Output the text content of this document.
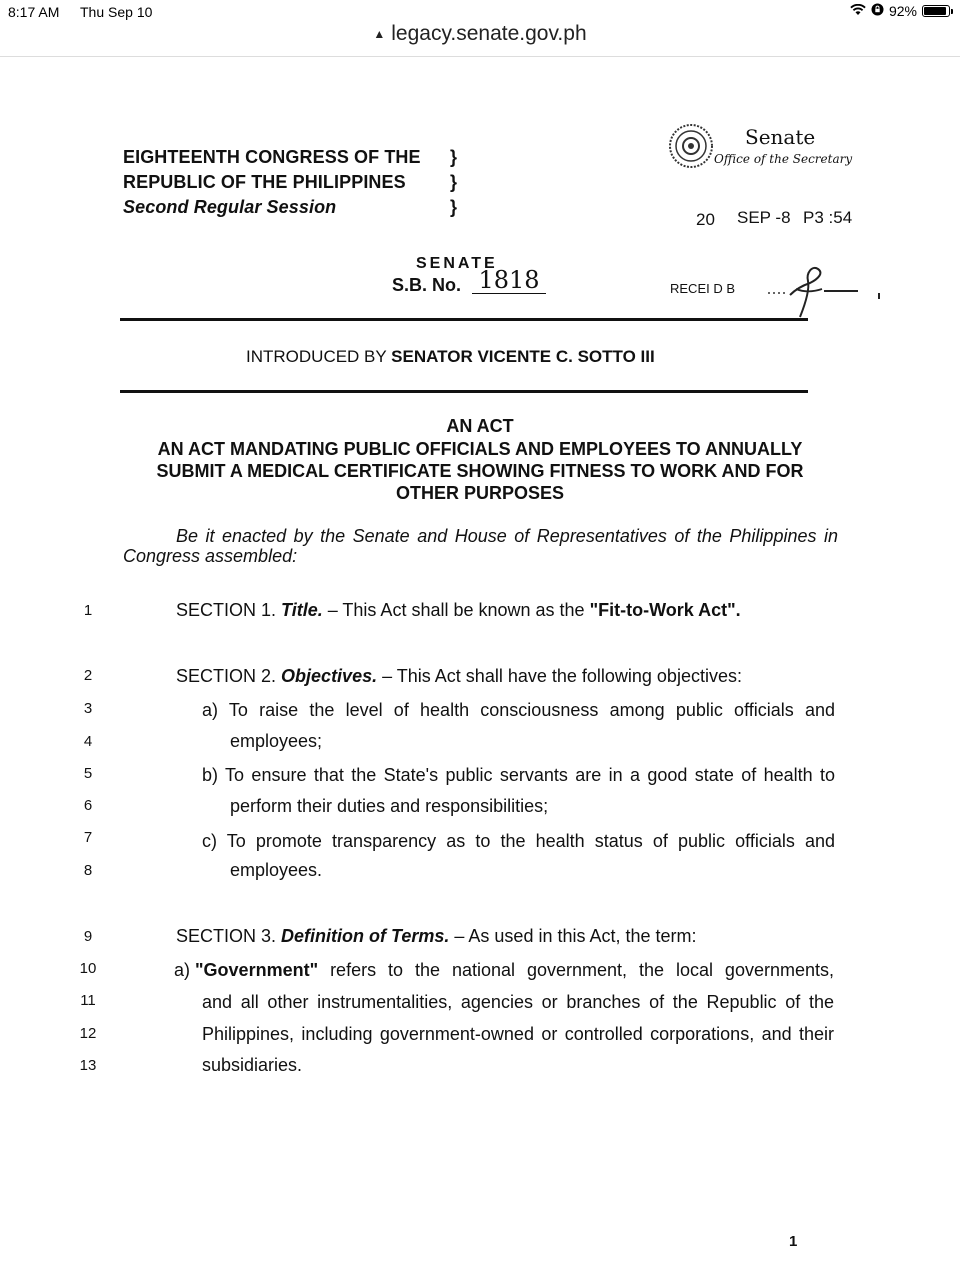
8:17 AM Thu Sep 10	92%
▲ legacy.senate.gov.ph
EIGHTEENTH CONGRESS OF THE
REPUBLIC OF THE PHILIPPINES
Second Regular Session
}
}
}
Senate
Office of the Secretary
20 SEP -8 P3 :54
RECEI D B
SENATE
S.B. No. 1818
INTRODUCED BY SENATOR VICENTE C. SOTTO III
AN ACT
AN ACT MANDATING PUBLIC OFFICIALS AND EMPLOYEES TO ANNUALLY
SUBMIT A MEDICAL CERTIFICATE SHOWING FITNESS TO WORK AND FOR
OTHER PURPOSES
Be it enacted by the Senate and House of Representatives of the Philippines in
Congress assembled:
1
2
3
4
5
6
7
8
9
10
11
12
13
SECTION 1. Title. – This Act shall be known as the "Fit-to-Work Act".
SECTION 2. Objectives. – This Act shall have the following objectives:
a) To raise the level of health consciousness among public officials and
employees;
b) To ensure that the State's public servants are in a good state of health to
perform their duties and responsibilities;
c) To promote transparency as to the health status of public officials and
employees.
SECTION 3. Definition of Terms. – As used in this Act, the term:
a) "Government" refers to the national government, the local governments,
and all other instrumentalities, agencies or branches of the Republic of the
Philippines, including government-owned or controlled corporations, and their
subsidiaries.
1
